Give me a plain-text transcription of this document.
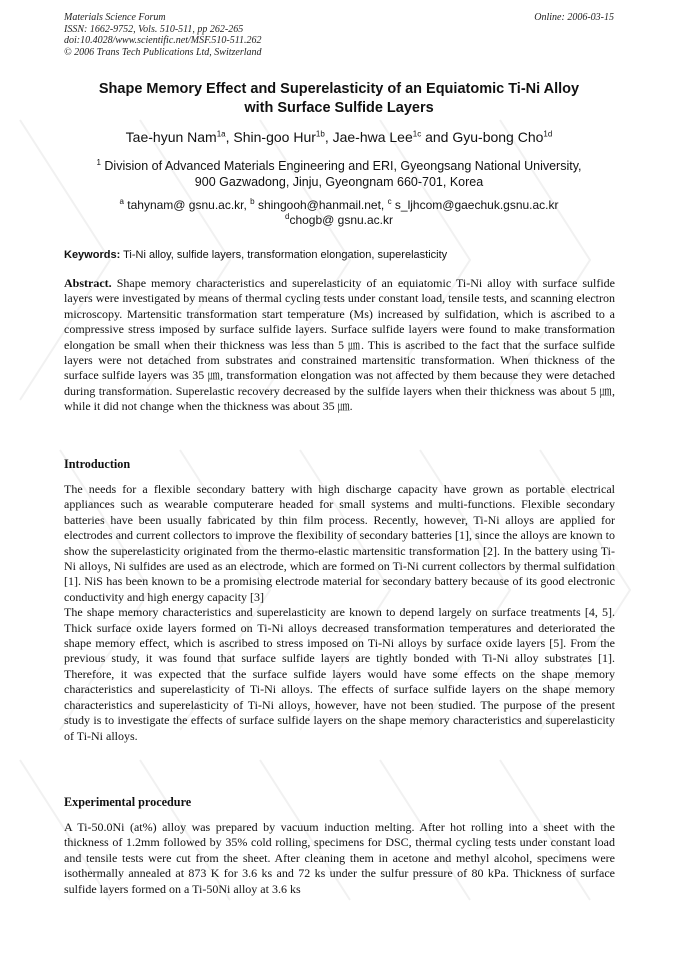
Materials Science Forum
ISSN: 1662-9752, Vols. 510-511, pp 262-265
doi:10.4028/www.scientific.net/MSF.510-511.262
© 2006 Trans Tech Publications Ltd, Switzerland
Online: 2006-03-15
Shape Memory Effect and Superelasticity of an Equiatomic Ti-Ni Alloy
with Surface Sulfide Layers
Tae-hyun Nam$^{1a}$, Shin-goo Hur$^{1b}$, Jae-hwa Lee$^{1c}$ and Gyu-bong Cho$^{1d}$
$^1$ Division of Advanced Materials Engineering and ERI, Gyeongsang National University,
900 Gazwadong, Jinju, Gyeongnam 660-701, Korea
$^a$ tahynam@ gsnu.ac.kr, $^b$ shingooh@hanmail.net, $^c$ s_ljhcom@gaechuk.gsnu.ac.kr
$^d$chogb@ gsnu.ac.kr
Keywords: Ti-Ni alloy, sulfide layers, transformation elongation, superelasticity

Abstract. Shape memory characteristics and superelasticity of an equiatomic Ti-Ni alloy with surface sulfide layers were investigated by means of thermal cycling tests under constant load, tensile tests, and scanning electron microscopy. Martensitic transformation start temperature (Ms) increased by sulfidation, which is ascribed to a compressive stress imposed by surface sulfide layers. Surface sulfide layers were found to make transformation elongation be small when their thickness was less than 5 ㎛. This is ascribed to the fact that the surface sulfide layers were not detached from substrates and constrained martensitic transformation. When thickness of the surface sulfide layers was 35 ㎛, transformation elongation was not affected by them because they were detached during transformation. Superelastic recovery decreased by the sulfide layers when their thickness was about 5 ㎛, while it did not change when the thickness was about 35 ㎛.

Introduction

The needs for a flexible secondary battery with high discharge capacity have grown as portable electrical appliances such as wearable computerare headed for small systems and multi-functions. Flexible secondary batteries have been usually fabricated by thin film process. Recently, however, Ti-Ni alloys are applied for electrodes and current collectors to improve the flexibility of secondary batteries [1], since the alloys are known to show the superelasticity originated from the thermo-elastic martensitic transformation [2]. In the battery using Ti-Ni alloys, Ni sulfides are used as an electrode, which are formed on Ti-Ni current collectors by thermal sulfidation [1]. NiS has been known to be a promising electrode material for secondary battery because of its good electronic conductivity and high energy capacity [3]

The shape memory characteristics and superelasticity are known to depend largely on surface treatments [4, 5]. Thick surface oxide layers formed on Ti-Ni alloys decreased transformation temperatures and deteriorated the shape memory effect, which is ascribed to stress imposed on Ti-Ni alloys by surface oxide layers [5]. From the previous study, it was found that surface sulfide layers are tightly bonded with Ti-Ni alloy substrates [1]. Therefore, it was expected that the surface sulfide layers would have some effects on the shape memory characteristics and superelasticity of Ti-Ni alloys. The effects of surface sulfide layers on the shape memory characteristics and superelasticity of Ti-Ni alloys, however, have not been studied. The purpose of the present study is to investigate the effects of surface sulfide layers on the shape memory characteristics and superelasticity of Ti-Ni alloys.

Experimental procedure

A Ti-50.0Ni (at%) alloy was prepared by vacuum induction melting. After hot rolling into a sheet with the thickness of 1.2mm followed by 35% cold rolling, specimens for DSC, thermal cycling tests under constant load and tensile tests were cut from the sheet. After cleaning them in acetone and methyl alcohol, specimens were isothermally annealed at 873 K for 3.6 ks and 72 ks under the sulfur pressure of 80 kPa. Thickness of surface sulfide layers formed on a Ti-50Ni alloy at 3.6 ks
